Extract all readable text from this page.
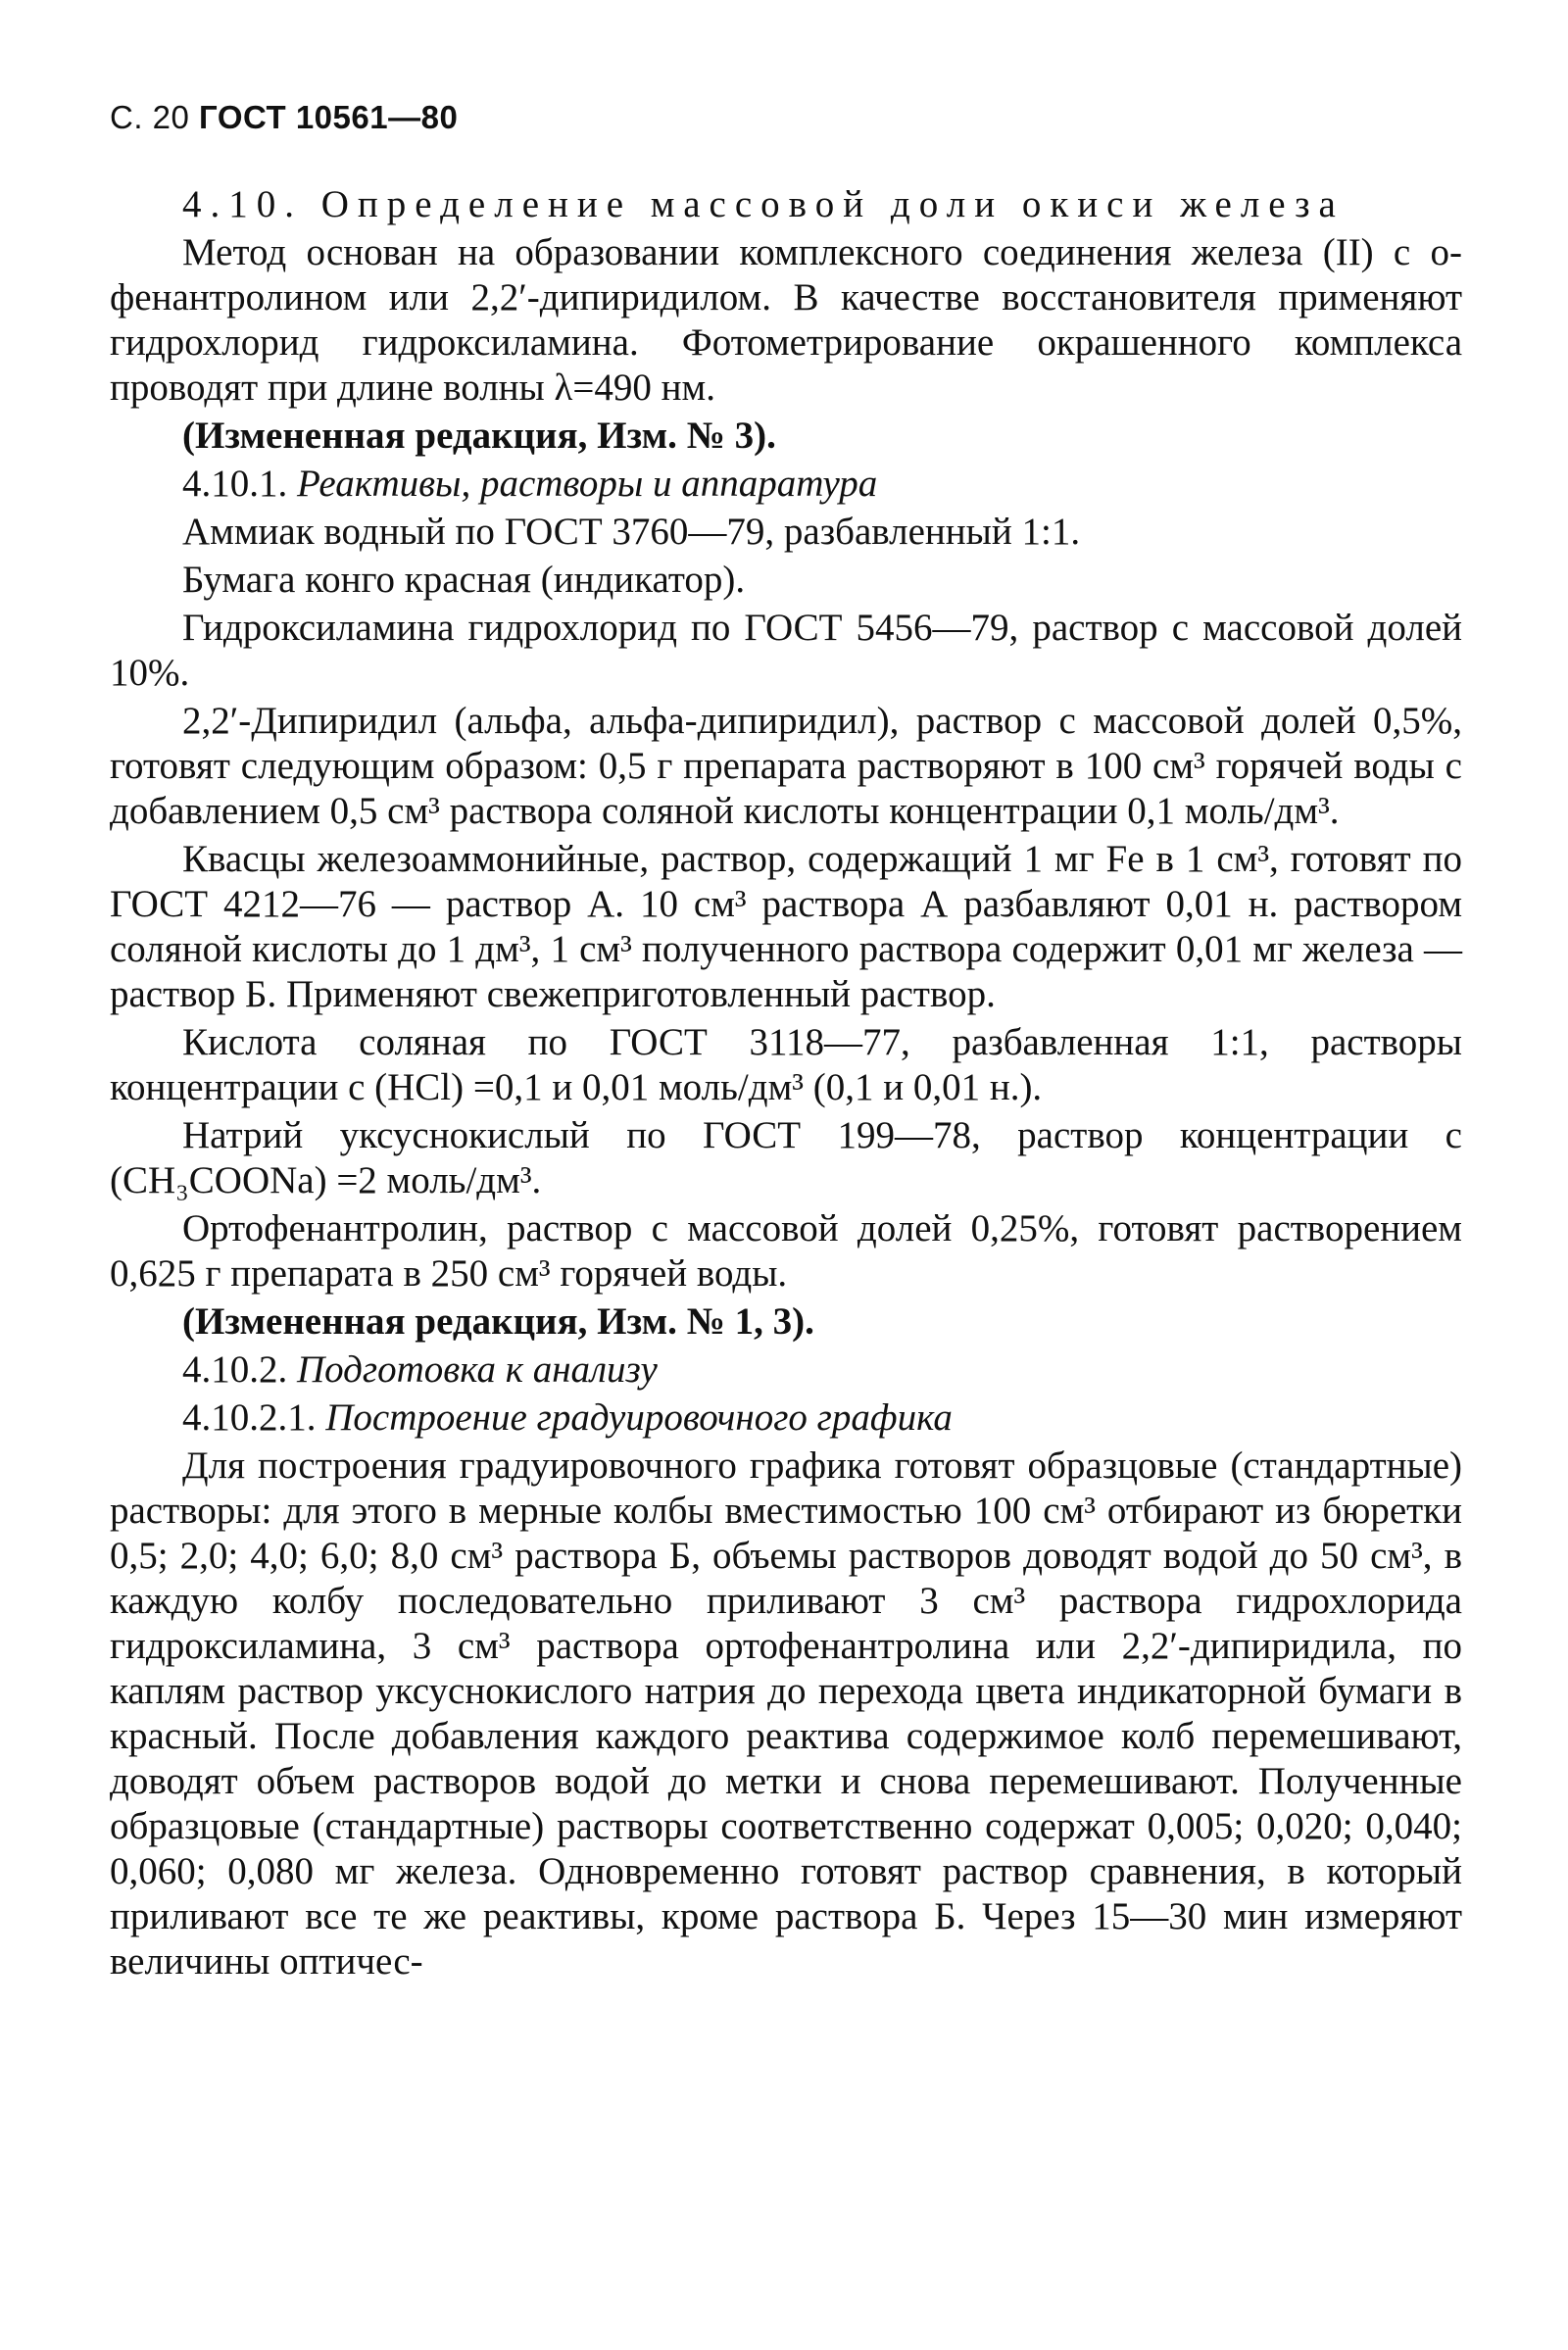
С. 20 ГОСТ 10561—80

4.10. Определение массовой доли окиси железа

Метод основан на образовании комплексного соединения железа (II) с о-фенантролином или 2,2′-дипиридилом. В качестве восстановителя применяют гидрохлорид гидроксиламина. Фотометрирование окрашенного комплекса проводят при длине волны λ=490 нм.

(Измененная редакция, Изм. № 3).

4.10.1. Реактивы, растворы и аппаратура

Аммиак водный по ГОСТ 3760—79, разбавленный 1:1.

Бумага конго красная (индикатор).

Гидроксиламина гидрохлорид по ГОСТ 5456—79, раствор с массовой долей 10%.

2,2′-Дипиридил (альфа, альфа-дипиридил), раствор с массовой долей 0,5%, готовят следующим образом: 0,5 г препарата растворяют в 100 см³ горячей воды с добавлением 0,5 см³ раствора соляной кислоты концентрации 0,1 моль/дм³.

Квасцы железоаммонийные, раствор, содержащий 1 мг Fe в 1 см³, готовят по ГОСТ 4212—76 — раствор А. 10 см³ раствора А разбавляют 0,01 н. раствором соляной кислоты до 1 дм³, 1 см³ полученного раствора содержит 0,01 мг железа — раствор Б. Применяют свежеприготовленный раствор.

Кислота соляная по ГОСТ 3118—77, разбавленная 1:1, растворы концентрации с (HCl) =0,1 и 0,01 моль/дм³ (0,1 и 0,01 н.).

Натрий уксуснокислый по ГОСТ 199—78, раствор концентрации с (CH₃COONa) =2 моль/дм³.

Ортофенантролин, раствор с массовой долей 0,25%, готовят растворением 0,625 г препарата в 250 см³ горячей воды.

(Измененная редакция, Изм. № 1, 3).

4.10.2. Подготовка к анализу

4.10.2.1. Построение градуировочного графика

Для построения градуировочного графика готовят образцовые (стандартные) растворы: для этого в мерные колбы вместимостью 100 см³ отбирают из бюретки 0,5; 2,0; 4,0; 6,0; 8,0 см³ раствора Б, объемы растворов доводят водой до 50 см³, в каждую колбу последовательно приливают 3 см³ раствора гидрохлорида гидроксиламина, 3 см³ раствора ортофенантролина или 2,2′-дипиридила, по каплям раствор уксуснокислого натрия до перехода цвета индикаторной бумаги в красный. После добавления каждого реактива содержимое колб перемешивают, доводят объем растворов водой до метки и снова перемешивают. Полученные образцовые (стандартные) растворы соответственно содержат 0,005; 0,020; 0,040; 0,060; 0,080 мг железа. Одновременно готовят раствор сравнения, в который приливают все те же реактивы, кроме раствора Б. Через 15—30 мин измеряют величины оптичес-
